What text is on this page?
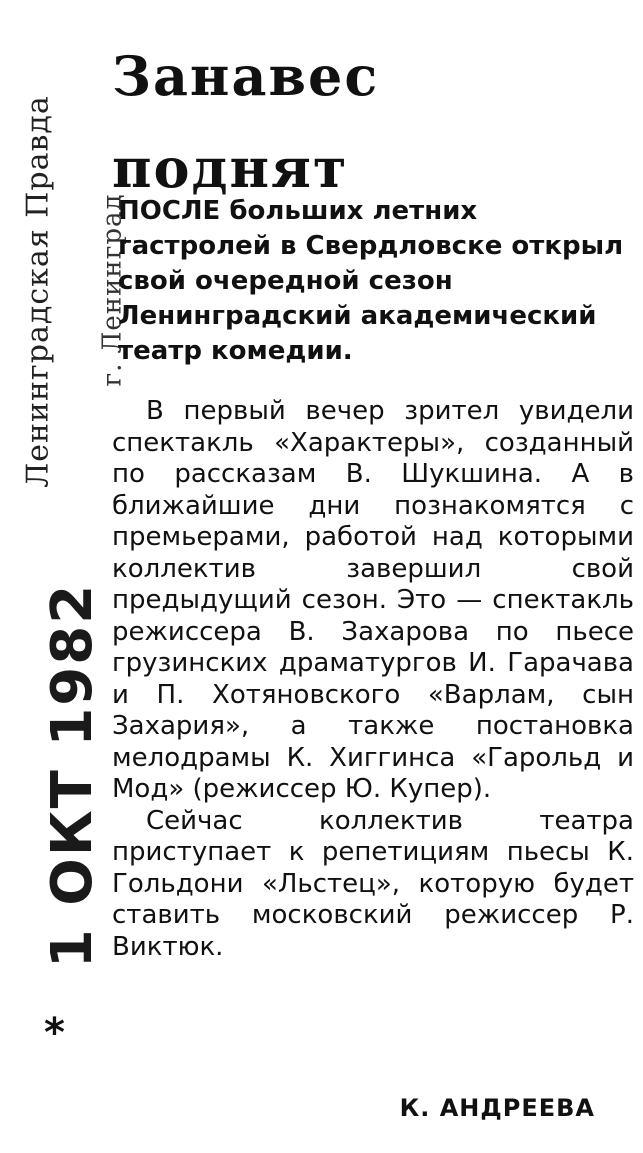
Ленинградская Правда г. Ленинград
1 ОКТ 1982
*
Занавес поднят

ПОСЛЕ больших летних гастролей в Свердловске открыл свой очередной сезон Ленинградский академический театр комедии.

В первый вечер зрител увидели спектакль «Характеры», созданный по рассказам В. Шукшина. А в ближайшие дни познакомятся с премьерами, работой над которыми коллектив завершил свой предыдущий сезон. Это — спектакль режиссера В. Захарова по пьесе грузинских драматургов И. Гарачава и П. Хотяновского «Варлам, сын Захария», а также постановка мелодрамы К. Хиггинса «Гарольд и Мод» (режиссер Ю. Купер).

Сейчас коллектив театра приступает к репетициям пьесы К. Гольдони «Льстец», которую будет ставить московский режиссер Р. Виктюк.

К. АНДРЕЕВА
